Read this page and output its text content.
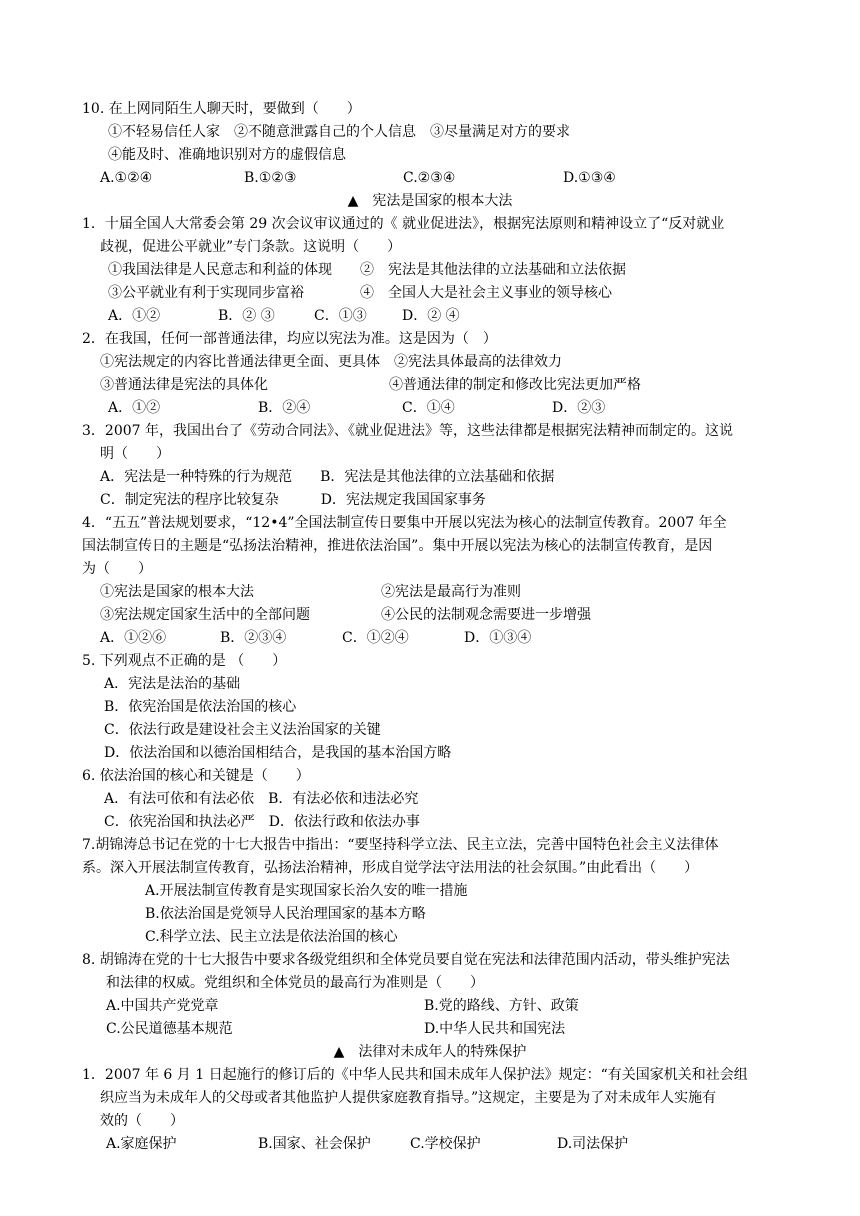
10. 在上网同陌生人聊天时，要做到（　　）
①不轻易信任人家　②不随意泄露自己的个人信息　③尽量满足对方的要求
④能及时、准确地识别对方的虚假信息
A.①②④	B.①②③	C.②③④	D.①③④
▲ 宪法是国家的根本大法
1．十届全国人大常委会第 29 次会议审议通过的《 就业促进法》，根据宪法原则和精神设立了“反对就业
歧视，促进公平就业”专门条款。这说明（　　）
①我国法律是人民意志和利益的体现　　②　宪法是其他法律的立法基础和立法依据
③公平就业有利于实现同步富裕　　　　④　全国人大是社会主义事业的领导核心
A．①②	B．② ③	C．①③	D．② ④
2．在我国，任何一部普通法律，均应以宪法为准。这是因为（　）
①宪法规定的内容比普通法律更全面、更具体　②宪法具体最高的法律效力
③普通法律是宪法的具体化	④普通法律的制定和修改比宪法更加严格
A．①②	B．②④	C．①④	D．②③
3．2007 年，我国出台了《劳动合同法》、《就业促进法》等，这些法律都是根据宪法精神而制定的。这说
明（　　）
A．宪法是一种特殊的行为规范　　B．宪法是其他法律的立法基础和依据
C．制定宪法的程序比较复杂　　　D．宪法规定我国国家事务
4．“五五”普法规划要求，“12•4”全国法制宣传日要集中开展以宪法为核心的法制宣传教育。2007 年全
国法制宣传日的主题是“弘扬法治精神，推进依法治国”。集中开展以宪法为核心的法制宣传教育，是因
为（　　）
①宪法是国家的根本大法	②宪法是最高行为准则
③宪法规定国家生活中的全部问题	④公民的法制观念需要进一步增强
A．①②⑥	B．②③④	C．①②④	D．①③④
5. 下列观点不正确的是 （　　）
A．宪法是法治的基础
B．依宪治国是依法治国的核心
C．依法行政是建设社会主义法治国家的关键
D．依法治国和以德治国相结合，是我国的基本治国方略
6. 依法治国的核心和关键是（　　）
A．有法可依和有法必依　B．有法必依和违法必究
C．依宪治国和执法必严　D．依法行政和依法办事
7.胡锦涛总书记在党的十七大报告中指出：“要坚持科学立法、民主立法，完善中国特色社会主义法律体
系。深入开展法制宣传教育，弘扬法治精神，形成自觉学法守法用法的社会氛围。”由此看出（　　）
A.开展法制宣传教育是实现国家长治久安的唯一措施
B.依法治国是党领导人民治理国家的基本方略
C.科学立法、民主立法是依法治国的核心
8. 胡锦涛在党的十七大报告中要求各级党组织和全体党员要自觉在宪法和法律范围内活动，带头维护宪法
和法律的权威。党组织和全体党员的最高行为准则是（　　）
A.中国共产党党章	B.党的路线、方针、政策
C.公民道德基本规范	D.中华人民共和国宪法
▲ 法律对未成年人的特殊保护
1．2007 年 6 月 1 日起施行的修订后的《中华人民共和国未成年人保护法》规定：“有关国家机关和社会组
织应当为未成年人的父母或者其他监护人提供家庭教育指导。”这规定，主要是为了对未成年人实施有
效的（　　）
A.家庭保护	B.国家、社会保护	C.学校保护	D.司法保护
